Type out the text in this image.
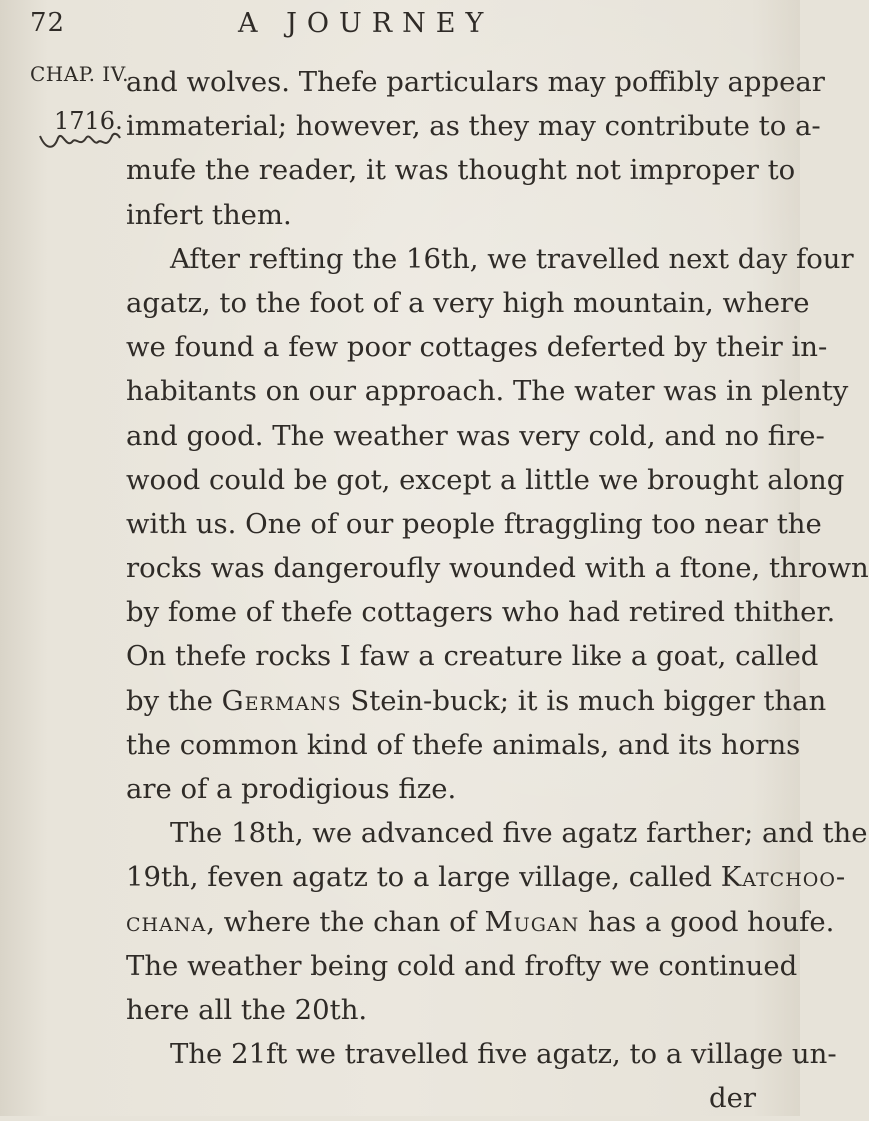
72	A JOURNEY
CHAP. IV.
1716.
and wolves. Thefe particulars may poffibly appear
immaterial; however, as they may contribute to a-
mufe the reader, it was thought not improper to
infert them.
After refting the 16th, we travelled next day four
agatz, to the foot of a very high mountain, where
we found a few poor cottages deferted by their in-
habitants on our approach. The water was in plenty
and good. The weather was very cold, and no fire-
wood could be got, except a little we brought along
with us. One of our people ftraggling too near the
rocks was dangeroufly wounded with a ftone, thrown
by fome of thefe cottagers who had retired thither.
On thefe rocks I faw a creature like a goat, called
by the Germans Stein-buck; it is much bigger than
the common kind of thefe animals, and its horns
are of a prodigious fize.
The 18th, we advanced five agatz farther; and the
19th, feven agatz to a large village, called Katchoo-
chana, where the chan of Mugan has a good houfe.
The weather being cold and frofty we continued
here all the 20th.
The 21ft we travelled five agatz, to a village un-
der
